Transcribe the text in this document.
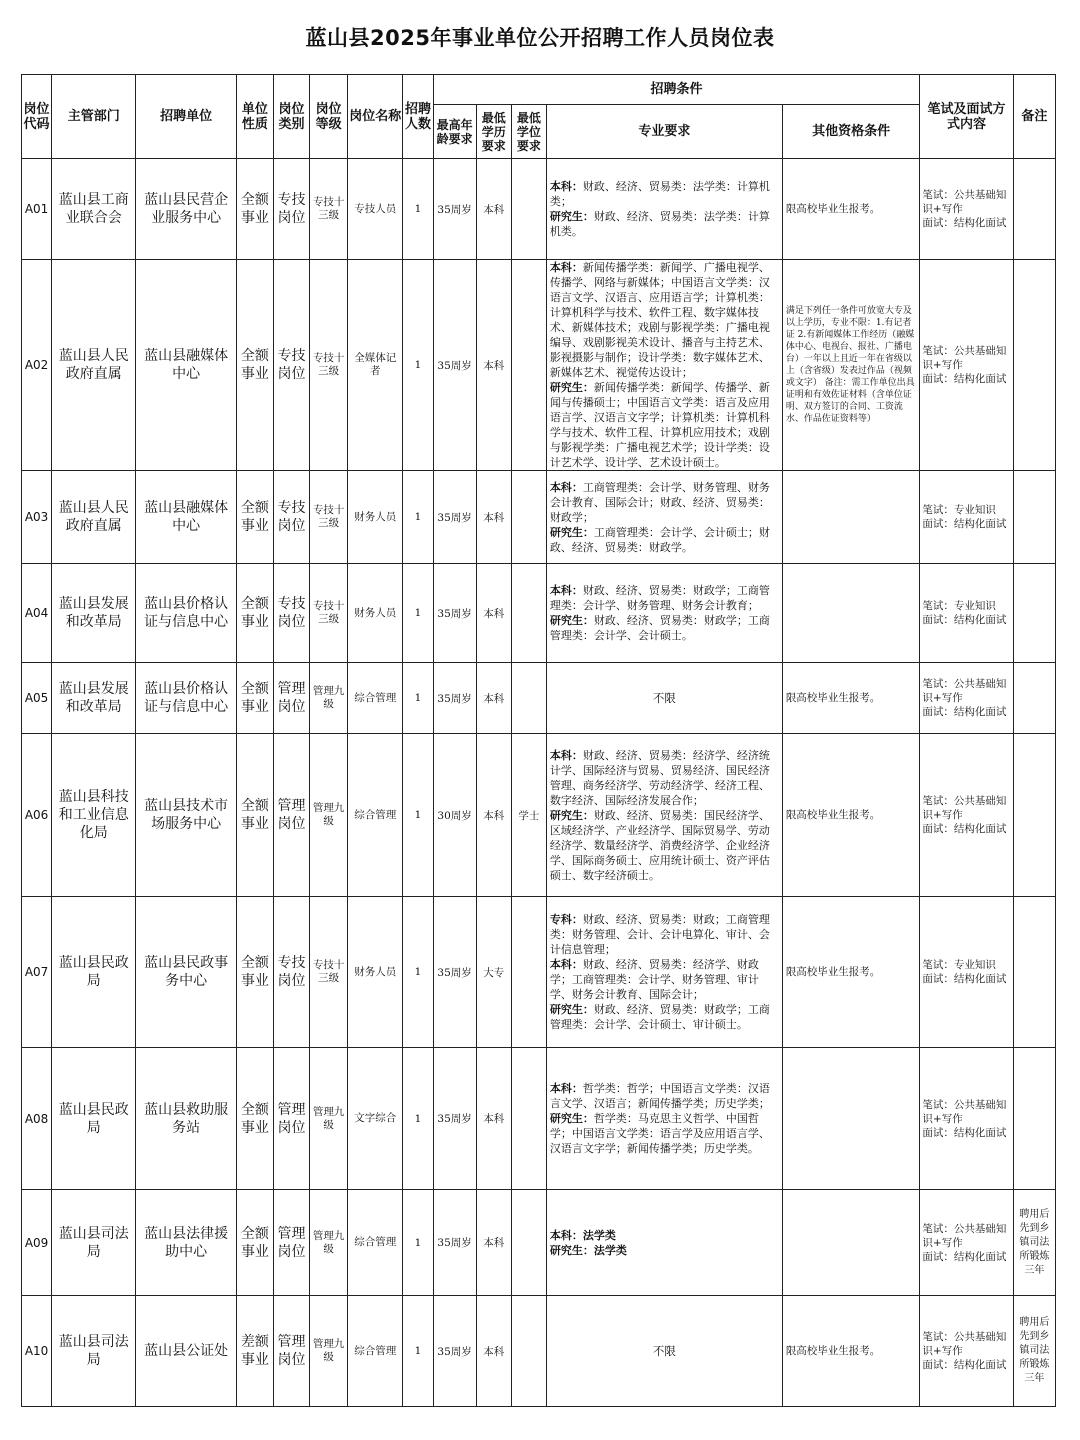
蓝山县2025年事业单位公开招聘工作人员岗位表
岗位代码	主管部门	招聘单位	单位性质	岗位类别	岗位等级	岗位名称	招聘人数	招聘条件					笔试及面试方式内容	备注
								最高年龄要求	最低学历要求	最低学位要求	专业要求	其他资格条件		
A01	蓝山县工商业联合会	蓝山县民营企业服务中心	全额事业	专技岗位	专技十三级	专技人员	1	35周岁	本科		本科：财政、经济、贸易类：法学类：计算机类；
研究生：财政、经济、贸易类：法学类：计算机类。	限高校毕业生报考。	笔试：公共基础知识+写作
面试：结构化面试	

A02	蓝山县人民政府直属	蓝山县融媒体中心	全额事业	专技岗位	专技十三级	全媒体记者	1	35周岁	本科		本科：新闻传播学类：新闻学、广播电视学、传播学、网络与新媒体；中国语言文学类：汉语言文学、汉语言、应用语言学；计算机类：计算机科学与技术、软件工程、数字媒体技术、新媒体技术；戏剧与影视学类：广播电视编导、戏剧影视美术设计、播音与主持艺术、影视摄影与制作；设计学类：数字媒体艺术、新媒体艺术、视觉传达设计；
研究生：新闻传播学类：新闻学、传播学、新闻与传播硕士；中国语言文学类：语言及应用语言学、汉语言文字学；计算机类：计算机科学与技术、软件工程、计算机应用技术；戏剧与影视学类：广播电视艺术学；设计学类：设计艺术学、设计学、艺术设计硕士。	满足下列任一条件可放宽大专及以上学历，专业不限：1.有记者证 2.有新闻媒体工作经历（融媒体中心、电视台、报社、广播电台）一年以上且近一年在省级以上（含省级）发表过作品（视频或文字） 备注：需工作单位出具证明和有效佐证材料（含单位证明、双方签订的合同、工资流水、作品佐证资料等）	笔试：公共基础知识+写作
面试：结构化面试	

A03	蓝山县人民政府直属	蓝山县融媒体中心	全额事业	专技岗位	专技十三级	财务人员	1	35周岁	本科		本科：工商管理类：会计学、财务管理、财务会计教育、国际会计；财政、经济、贸易类：财政学；
研究生：工商管理类：会计学、会计硕士；财政、经济、贸易类：财政学。		笔试：专业知识
面试：结构化面试	

A04	蓝山县发展和改革局	蓝山县价格认证与信息中心	全额事业	专技岗位	专技十三级	财务人员	1	35周岁	本科		本科：财政、经济、贸易类：财政学；工商管理类：会计学、财务管理、财务会计教育；
研究生：财政、经济、贸易类：财政学；工商管理类：会计学、会计硕士。		笔试：专业知识
面试：结构化面试	

A05	蓝山县发展和改革局	蓝山县价格认证与信息中心	全额事业	管理岗位	管理九级	综合管理	1	35周岁	本科		不限	限高校毕业生报考。	笔试：公共基础知识+写作
面试：结构化面试	

A06	蓝山县科技和工业信息化局	蓝山县技术市场服务中心	全额事业	管理岗位	管理九级	综合管理	1	30周岁	本科	学士	本科：财政、经济、贸易类：经济学、经济统计学、国际经济与贸易、贸易经济、国民经济管理、商务经济学、劳动经济学、经济工程、数字经济、国际经济发展合作；
研究生：财政、经济、贸易类：国民经济学、区域经济学、产业经济学、国际贸易学、劳动经济学、数量经济学、消费经济学、企业经济学、国际商务硕士、应用统计硕士、资产评估硕士、数字经济硕士。	限高校毕业生报考。	笔试：公共基础知识+写作
面试：结构化面试	

A07	蓝山县民政局	蓝山县民政事务中心	全额事业	专技岗位	专技十三级	财务人员	1	35周岁	大专		专科：财政、经济、贸易类：财政；工商管理类：财务管理、会计、会计电算化、审计、会计信息管理；
本科：财政、经济、贸易类：经济学、财政学；工商管理类：会计学、财务管理、审计学、财务会计教育、国际会计；
研究生：财政、经济、贸易类：财政学；工商管理类：会计学、会计硕士、审计硕士。	限高校毕业生报考。	笔试：专业知识
面试：结构化面试	

A08	蓝山县民政局	蓝山县救助服务站	全额事业	管理岗位	管理九级	文字综合	1	35周岁	本科		本科：哲学类：哲学；中国语言文学类：汉语言文学、汉语言；新闻传播学类；历史学类；
研究生：哲学类：马克思主义哲学、中国哲学；中国语言文学类：语言学及应用语言学、汉语言文字学；新闻传播学类；历史学类。		笔试：公共基础知识+写作
面试：结构化面试	

A09	蓝山县司法局	蓝山县法律援助中心	全额事业	管理岗位	管理九级	综合管理	1	35周岁	本科		本科：法学类
研究生：法学类		笔试：公共基础知识+写作
面试：结构化面试	聘用后先到乡镇司法所锻炼三年
A10	蓝山县司法局	蓝山县公证处	差额事业	管理岗位	管理九级	综合管理	1	35周岁	本科		不限	限高校毕业生报考。	笔试：公共基础知识+写作
面试：结构化面试	聘用后先到乡镇司法所锻炼三年
